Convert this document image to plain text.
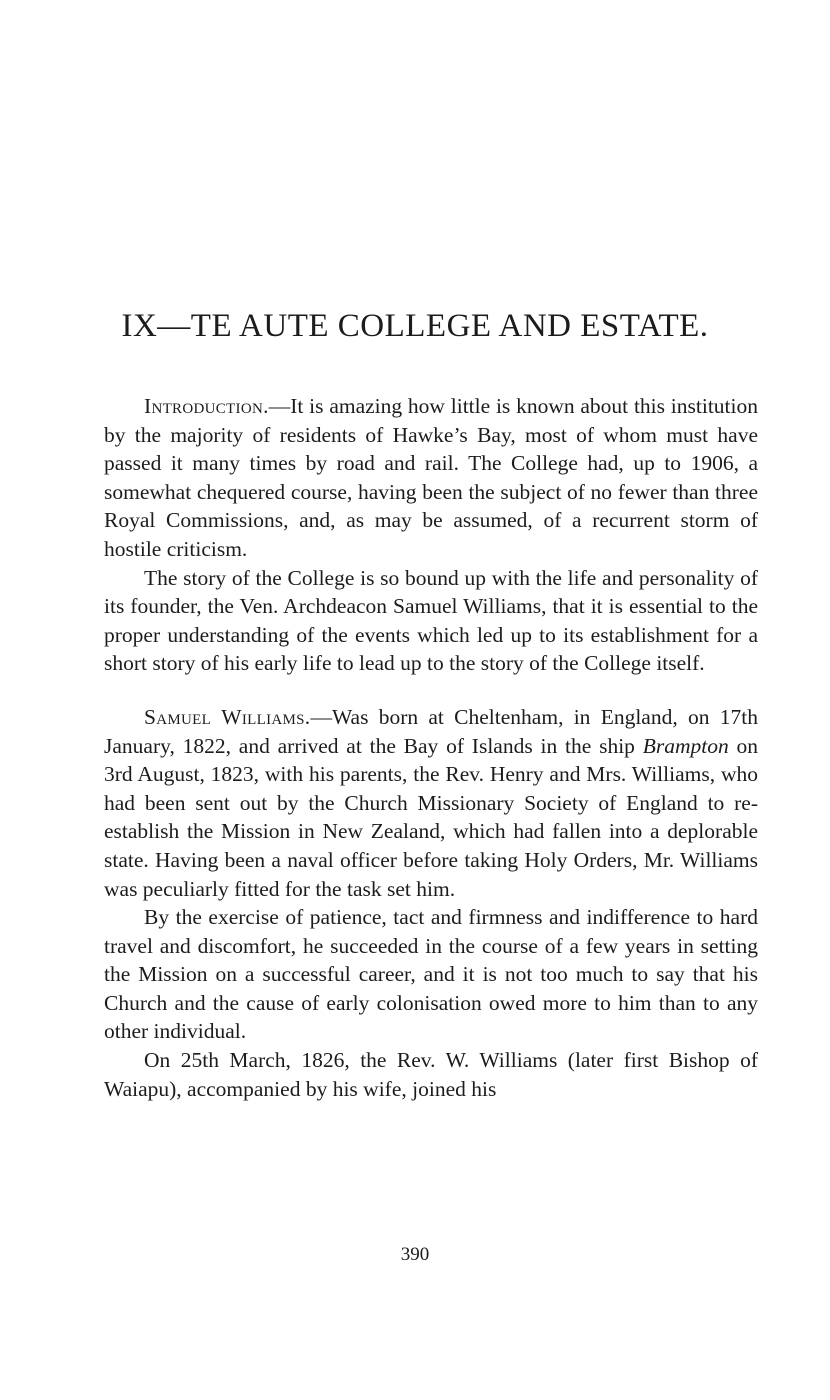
IX—TE AUTE COLLEGE AND ESTATE.

Introduction.—It is amazing how little is known about this institution by the majority of residents of Hawke’s Bay, most of whom must have passed it many times by road and rail. The College had, up to 1906, a somewhat chequered course, having been the subject of no fewer than three Royal Commissions, and, as may be assumed, of a recurrent storm of hostile criticism.

The story of the College is so bound up with the life and personality of its founder, the Ven. Archdeacon Samuel Williams, that it is essential to the proper understanding of the events which led up to its establishment for a short story of his early life to lead up to the story of the College itself.

Samuel Williams.—Was born at Cheltenham, in England, on 17th January, 1822, and arrived at the Bay of Islands in the ship Brampton on 3rd August, 1823, with his parents, the Rev. Henry and Mrs. Williams, who had been sent out by the Church Missionary Society of England to re-establish the Mission in New Zealand, which had fallen into a deplorable state. Having been a naval officer before taking Holy Orders, Mr. Williams was peculiarly fitted for the task set him.

By the exercise of patience, tact and firmness and indifference to hard travel and discomfort, he succeeded in the course of a few years in setting the Mission on a successful career, and it is not too much to say that his Church and the cause of early colonisation owed more to him than to any other individual.

On 25th March, 1826, the Rev. W. Williams (later first Bishop of Waiapu), accompanied by his wife, joined his

390
